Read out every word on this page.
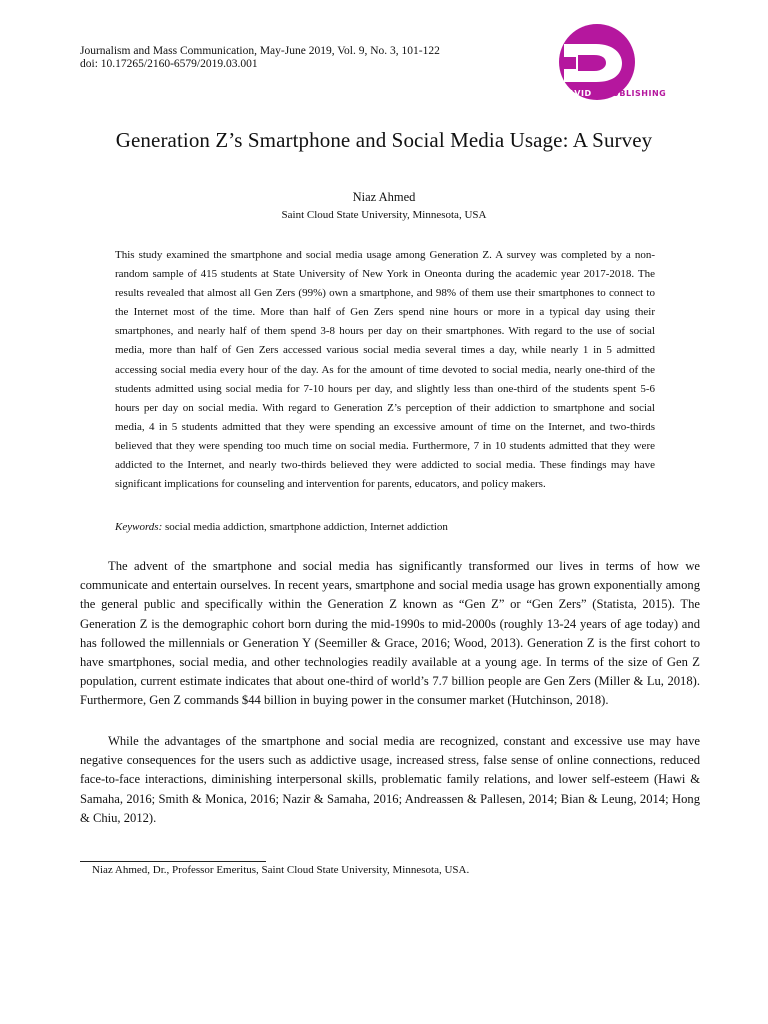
Journalism and Mass Communication, May-June 2019, Vol. 9, No. 3, 101-122
doi: 10.17265/2160-6579/2019.03.001
DAVID PUBLISHING
Generation Z’s Smartphone and Social Media Usage: A Survey
Niaz Ahmed
Saint Cloud State University, Minnesota, USA
This study examined the smartphone and social media usage among Generation Z. A survey was completed by a non-random sample of 415 students at State University of New York in Oneonta during the academic year 2017-2018. The results revealed that almost all Gen Zers (99%) own a smartphone, and 98% of them use their smartphones to connect to the Internet most of the time. More than half of Gen Zers spend nine hours or more in a typical day using their smartphones, and nearly half of them spend 3-8 hours per day on their smartphones. With regard to the use of social media, more than half of Gen Zers accessed various social media several times a day, while nearly 1 in 5 admitted accessing social media every hour of the day. As for the amount of time devoted to social media, nearly one-third of the students admitted using social media for 7-10 hours per day, and slightly less than one-third of the students spent 5-6 hours per day on social media. With regard to Generation Z’s perception of their addiction to smartphone and social media, 4 in 5 students admitted that they were spending an excessive amount of time on the Internet, and two-thirds believed that they were spending too much time on social media. Furthermore, 7 in 10 students admitted that they were addicted to the Internet, and nearly two-thirds believed they were addicted to social media. These findings may have significant implications for counseling and intervention for parents, educators, and policy makers.
Keywords: social media addiction, smartphone addiction, Internet addiction

The advent of the smartphone and social media has significantly transformed our lives in terms of how we communicate and entertain ourselves. In recent years, smartphone and social media usage has grown exponentially among the general public and specifically within the Generation Z known as “Gen Z” or “Gen Zers” (Statista, 2015). The Generation Z is the demographic cohort born during the mid-1990s to mid-2000s (roughly 13-24 years of age today) and has followed the millennials or Generation Y (Seemiller & Grace, 2016; Wood, 2013). Generation Z is the first cohort to have smartphones, social media, and other technologies readily available at a young age. In terms of the size of Gen Z population, current estimate indicates that about one-third of world’s 7.7 billion people are Gen Zers (Miller & Lu, 2018). Furthermore, Gen Z commands $44 billion in buying power in the consumer market (Hutchinson, 2018).

While the advantages of the smartphone and social media are recognized, constant and excessive use may have negative consequences for the users such as addictive usage, increased stress, false sense of online connections, reduced face-to-face interactions, diminishing interpersonal skills, problematic family relations, and lower self-esteem (Hawi & Samaha, 2016; Smith & Monica, 2016; Nazir & Samaha, 2016; Andreassen & Pallesen, 2014; Bian & Leung, 2014; Hong & Chiu, 2012).

Niaz Ahmed, Dr., Professor Emeritus, Saint Cloud State University, Minnesota, USA.
